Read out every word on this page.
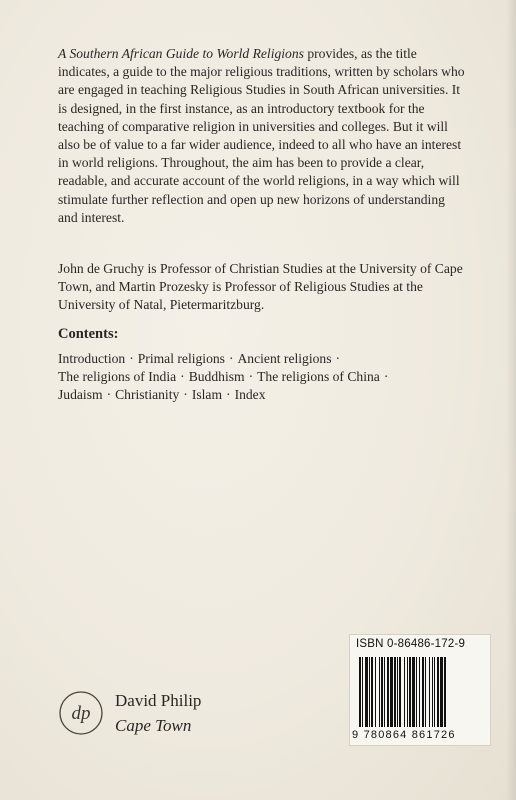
A Southern African Guide to World Religions provides, as the title indicates, a guide to the major religious traditions, written by scholars who are engaged in teaching Religious Studies in South African universities. It is designed, in the first instance, as an introductory textbook for the teaching of comparative religion in universities and colleges. But it will also be of value to a far wider audience, indeed to all who have an interest in world religions. Throughout, the aim has been to provide a clear, readable, and accurate account of the world religions, in a way which will stimulate further reflection and open up new horizons of understanding and interest.

John de Gruchy is Professor of Christian Studies at the University of Cape Town, and Martin Prozesky is Professor of Religious Studies at the University of Natal, Pietermaritzburg.

Contents:

Introduction · Primal religions · Ancient religions ·
The religions of India · Buddhism · The religions of China ·
Judaism · Christianity · Islam · Index

ISBN 0-86486-172-9
9 780864 861726
dp

David Philip

Cape Town
